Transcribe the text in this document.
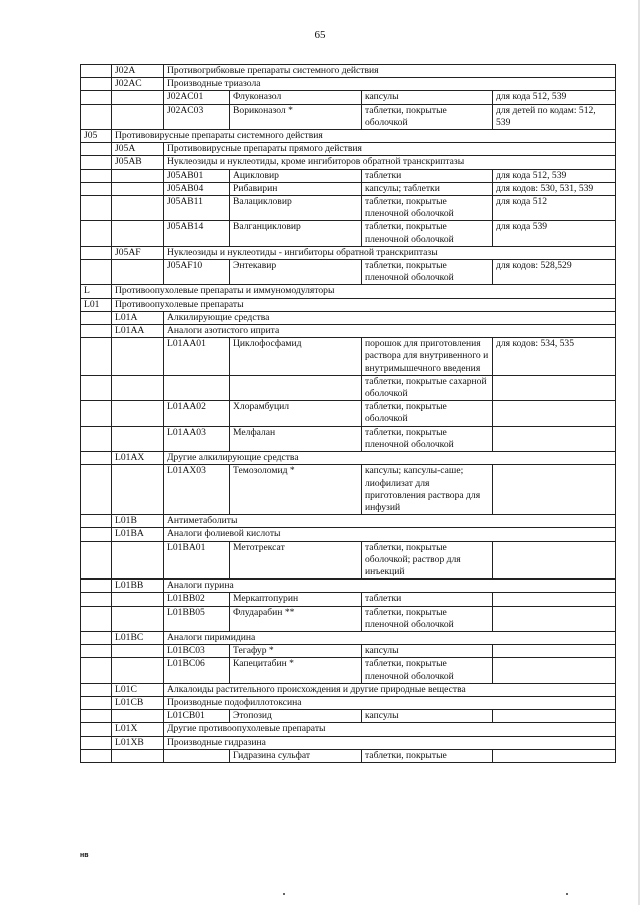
65
	J02A	Противогрибковые препараты системного действия			
	J02AC	Производные триазола			
		J02AC01	Флуконазол	капсулы	для кода 512, 539
		J02AC03	Вориконазол *	таблетки, покрытые оболочкой	для детей по кодам: 512, 539
J05	Противовирусные препараты системного действия				
	J05A	Противовирусные препараты прямого действия			
	J05AB	Нуклеозиды и нуклеотиды, кроме ингибиторов обратной транскриптазы			
		J05AB01	Ацикловир	таблетки	для кода 512, 539
		J05AB04	Рибавирин	капсулы; таблетки	для кодов: 530, 531, 539
		J05AB11	Валацикловир	таблетки, покрытые пленочной оболочкой	для кода 512
		J05AB14	Валганцикловир	таблетки, покрытые пленочной оболочкой	для кода 539
	J05AF	Нуклеозиды и нуклеотиды - ингибиторы обратной транскриптазы			
		J05AF10	Энтекавир	таблетки, покрытые пленочной оболочкой	для кодов: 528,529
L	Противоопухолевые препараты и иммуномодуляторы				
L01	Противоопухолевые препараты				
	L01A	Алкилирующие средства			
	L01AA	Аналоги азотистого иприта			
		L01AA01	Циклофосфамид	порошок для приготовления раствора для внутривенного и внутримышечного введения	для кодов: 534, 535
				таблетки, покрытые сахарной оболочкой	
		L01AA02	Хлорамбуцил	таблетки, покрытые оболочкой	
		L01AA03	Мелфалан	таблетки, покрытые пленочной оболочкой	
	L01AX	Другие алкилирующие средства			
		L01AX03	Темозоломид *	капсулы; капсулы-саше; лиофилизат для приготовления раствора для инфузий	
	L01B	Антиметаболиты			
	L01BA	Аналоги фолиевой кислоты			
		L01BA01	Метотрексат	таблетки, покрытые оболочкой; раствор для инъекций	

	L01BB	Аналоги пурина			
		L01BB02	Меркаптопурин	таблетки	
		L01BB05	Флударабин **	таблетки, покрытые пленочной оболочкой	
	L01BC	Аналоги пиримидина			
		L01BC03	Тегафур *	капсулы	
		L01BC06	Капецитабин *	таблетки, покрытые пленочной оболочкой	
	L01C	Алкалоиды растительного происхождения и другие природные вещества			
	L01CB	Производные подофиллотоксина			
		L01CB01	Этопозид	капсулы	
	L01X	Другие противоопухолевые препараты			
	L01XB	Производные гидразина			
			Гидразина сульфат	таблетки, покрытые	
нв
